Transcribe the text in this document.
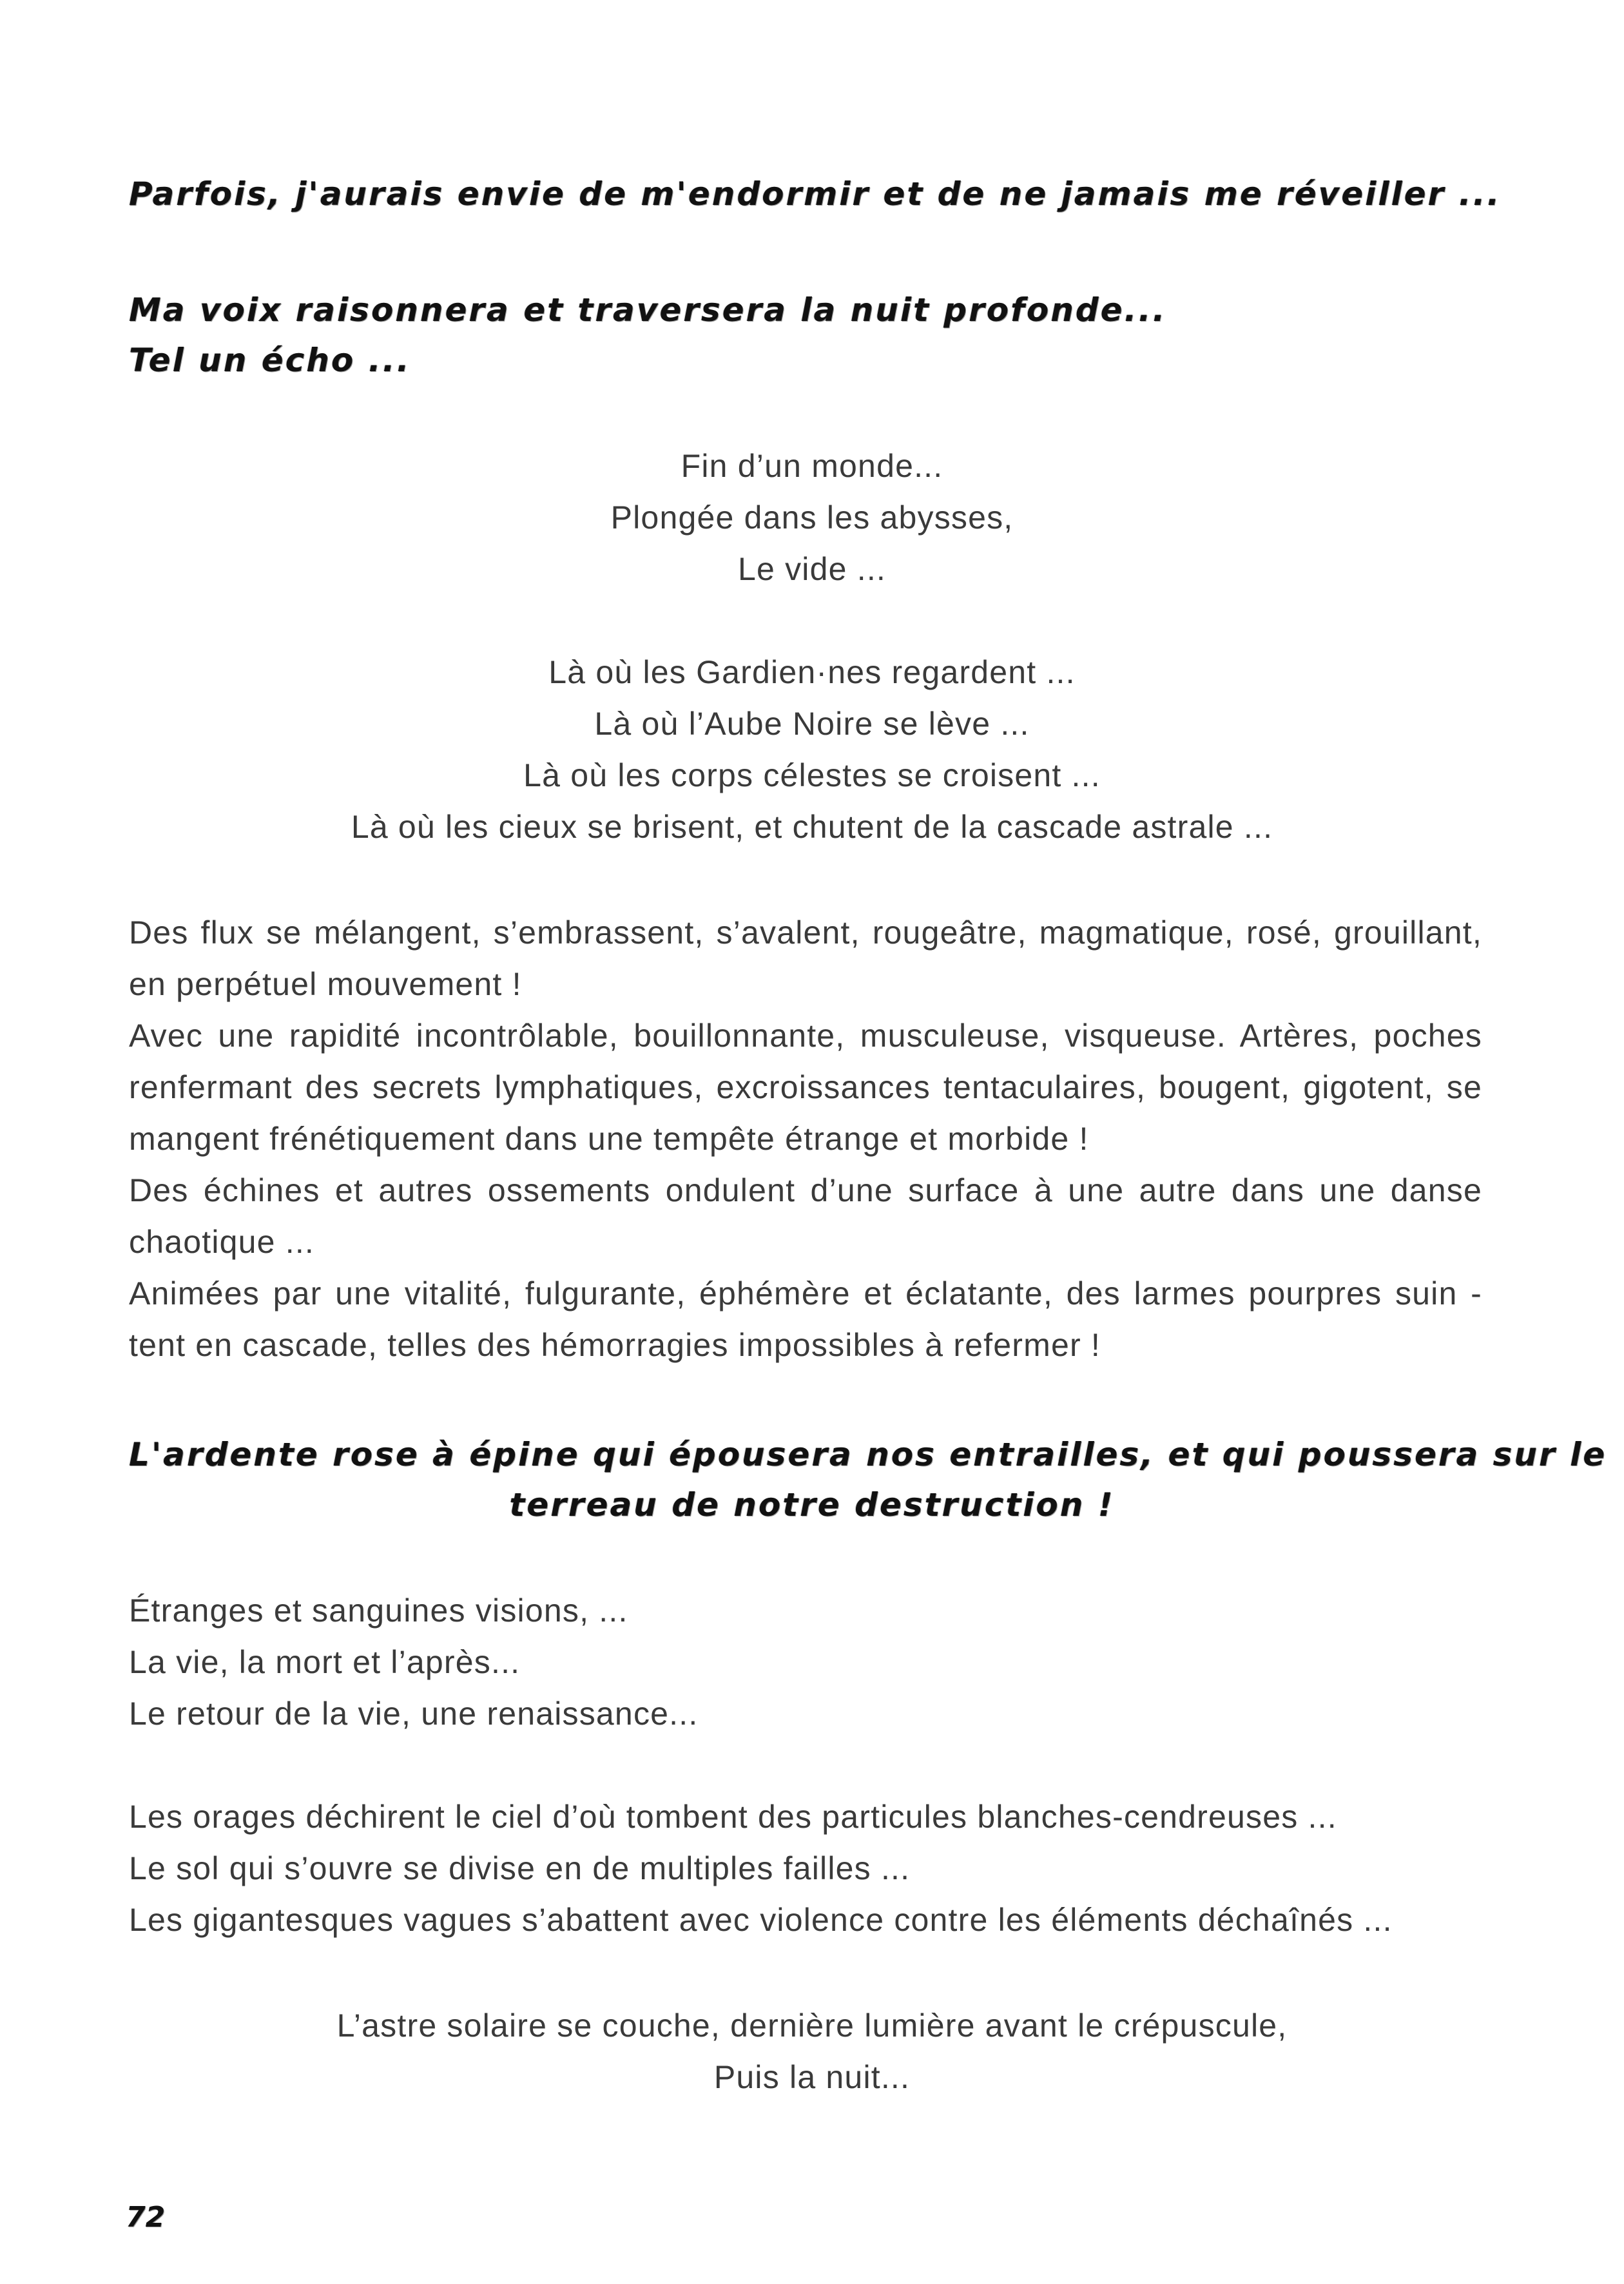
Parfois, j'aurais envie de m'endormir et de ne jamais me réveiller ...
Ma voix raisonnera et traversera la nuit profonde...
Tel un écho ...
Fin d’un monde...
Plongée dans les abysses,
Le vide ...
Là où les Gardien·nes regardent ...
Là où l’Aube Noire se lève ...
Là où les corps célestes se croisent ...
Là où les cieux se brisent, et chutent de la cascade astrale ...
Des flux se mélangent, s’embrassent, s’avalent, rougeâtre, magmatique, rosé, grouillant,
en perpétuel mouvement !
Avec une rapidité incontrôlable, bouillonnante, musculeuse, visqueuse. Artères, poches
renfermant des secrets lymphatiques, excroissances tentaculaires, bougent, gigotent, se
mangent frénétiquement dans une tempête étrange et morbide !
Des échines et autres ossements ondulent d’une surface à une autre dans une danse
chaotique ...
Animées par une vitalité, fulgurante, éphémère et éclatante, des larmes pourpres suin -
tent en cascade, telles des hémorragies impossibles à refermer !
L'ardente rose à épine qui épousera nos entrailles, et qui poussera sur le
terreau de notre destruction !
Étranges et sanguines visions, ...
La vie, la mort et l’après...
Le retour de la vie, une renaissance...
Les orages déchirent le ciel d’où tombent des particules blanches-cendreuses ...
Le sol qui s’ouvre se divise en de multiples failles ...
Les gigantesques vagues s’abattent avec violence contre les éléments déchaînés ...
L’astre solaire se couche, dernière lumière avant le crépuscule,
Puis la nuit...
72
